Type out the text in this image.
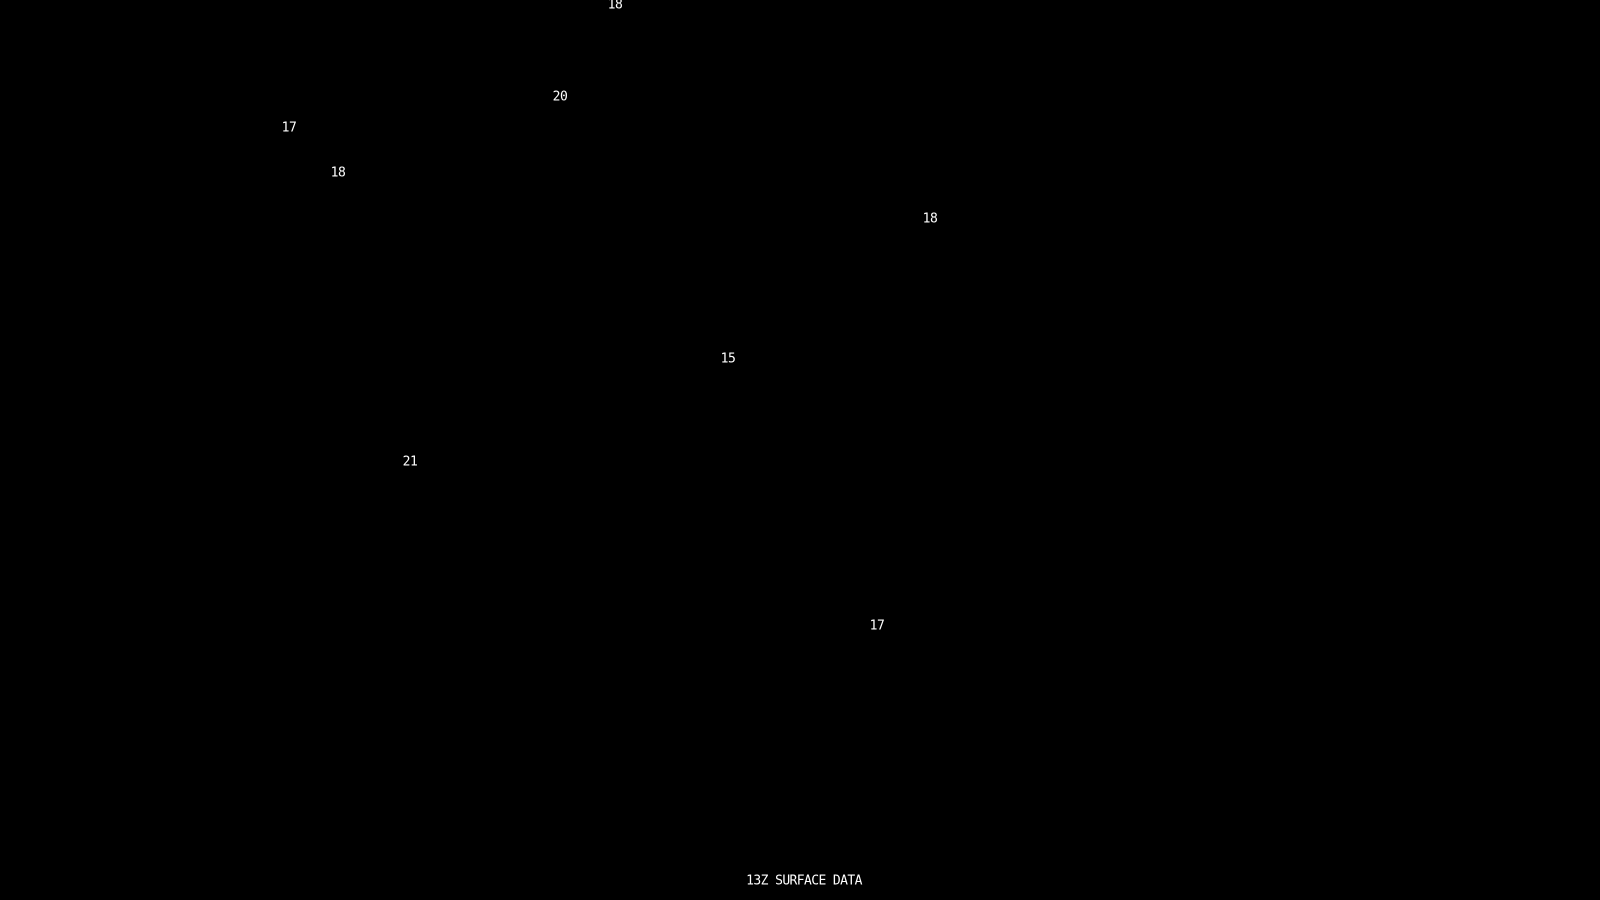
18
20
17
18
18
15
21
17
13Z SURFACE DATA
